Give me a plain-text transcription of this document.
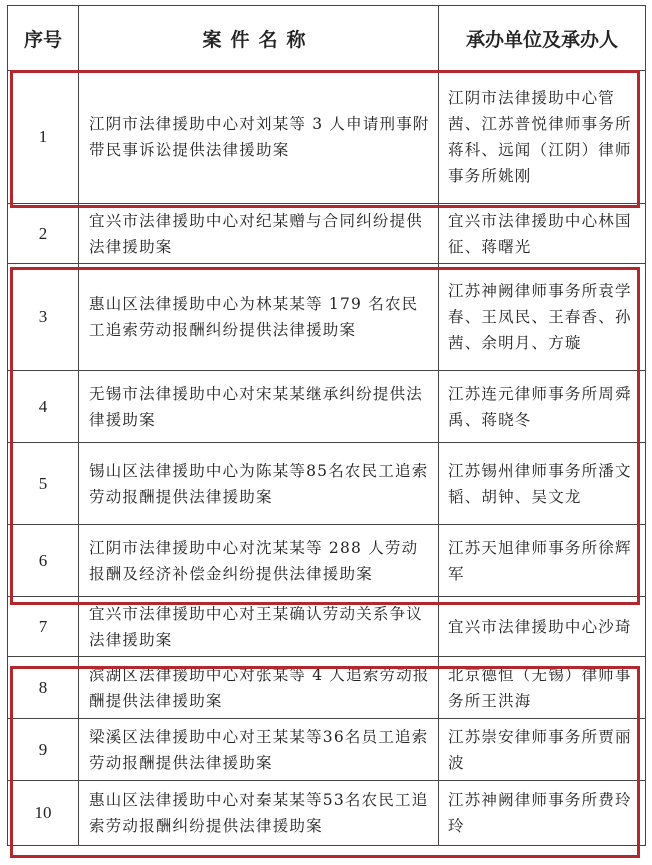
序号	案件名称	承办单位及承办人
1	江阴市法律援助中心对刘某等 3 人申请刑事附带民事诉讼提供法律援助案	江阴市法律援助中心管茜、江苏普悦律师事务所蒋科、远闻（江阴）律师事务所姚刚
2	宜兴市法律援助中心对纪某赠与合同纠纷提供法律援助案	宜兴市法律援助中心林国征、蒋曙光
3	惠山区法律援助中心为林某某等 179 名农民工追索劳动报酬纠纷提供法律援助案	江苏神阙律师事务所袁学春、王凤民、王春香、孙茜、余明月、方璇
4	无锡市法律援助中心对宋某某继承纠纷提供法律援助案	江苏连元律师事务所周舜禹、蒋晓冬
5	锡山区法律援助中心为陈某等85名农民工追索劳动报酬提供法律援助案	江苏锡州律师事务所潘文韬、胡钟、吴文龙
6	江阴市法律援助中心对沈某某等 288 人劳动报酬及经济补偿金纠纷提供法律援助案	江苏天旭律师事务所徐辉军
7	宜兴市法律援助中心对王某确认劳动关系争议法律援助案	宜兴市法律援助中心沙琦
8	滨湖区法律援助中心对张某等 4 人追索劳动报酬提供法律援助案	北京德恒（无锡）律师事务所王洪海
9	梁溪区法律援助中心对王某某等36名员工追索劳动报酬提供法律援助案	江苏崇安律师事务所贾丽波
10	惠山区法律援助中心对秦某某等53名农民工追索劳动报酬纠纷提供法律援助案	江苏神阙律师事务所费玲玲
